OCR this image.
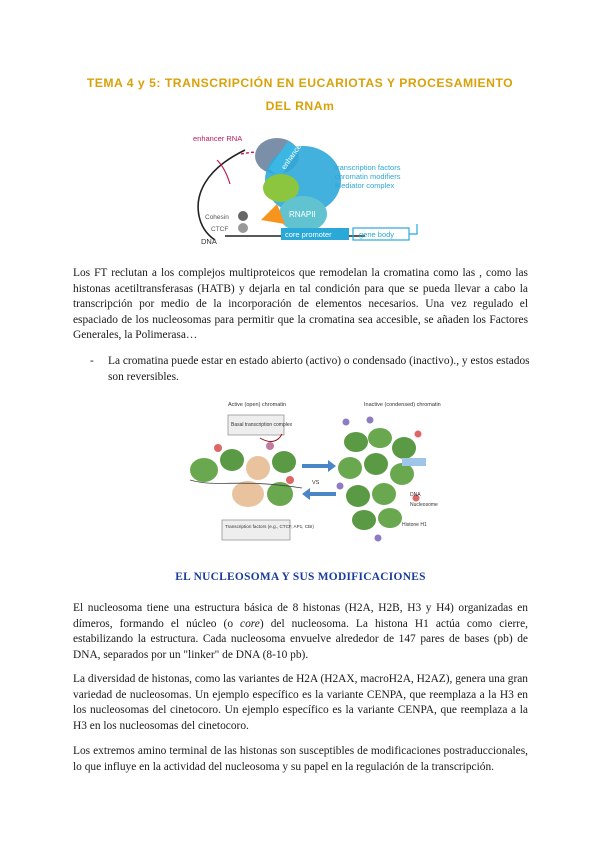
TEMA 4 y 5: TRANSCRIPCIÓN EN EUCARIOTAS Y PROCESAMIENTO
DEL RNAm
enhancer RNA
enhancer	transcription factors
chromatin modifiers
Mediator complex
Cohesin
CTCF
DNA
RNAPII
core promoter	gene body

Los FT reclutan a los complejos multiproteicos que remodelan la cromatina como las , como las histonas acetiltransferasas (HATB) y dejarla en tal condición para que se pueda llevar a cabo la transcripción por medio de la incorporación de elementos necesarios. Una vez regulado el espaciado de los nucleosomas para permitir que la cromatina sea accesible, se añaden los Factores Generales, la Polimerasa…

- La cromatina puede estar en estado abierto (activo) o condensado (inactivo)., y estos estados son reversibles.
Active (open) chromatin
Basal transcription complex
Transcription factors (e.g., CTCF, AP1, CBI)
VS
Inactive (condensed) chromatin
DNA
Nucleosome
Histone H1
EL NUCLEOSOMA Y SUS MODIFICACIONES

El nucleosoma tiene una estructura básica de 8 histonas (H2A, H2B, H3 y H4) organizadas en dímeros, formando el núcleo (o core) del nucleosoma. La histona H1 actúa como cierre, estabilizando la estructura. Cada nucleosoma envuelve alrededor de 147 pares de bases (pb) de DNA, separados por un "linker" de DNA (8-10 pb).

La diversidad de histonas, como las variantes de H2A (H2AX, macroH2A, H2AZ), genera una gran variedad de nucleosomas. Un ejemplo específico es la variante CENPA, que reemplaza a la H3 en los nucleosomas del cinetocoro. Un ejemplo específico es la variante CENPA, que reemplaza a la H3 en los nucleosomas del cinetocoro.

Los extremos amino terminal de las histonas son susceptibles de modificaciones postraduccionales, lo que influye en la actividad del nucleosoma y su papel en la regulación de la transcripción.
